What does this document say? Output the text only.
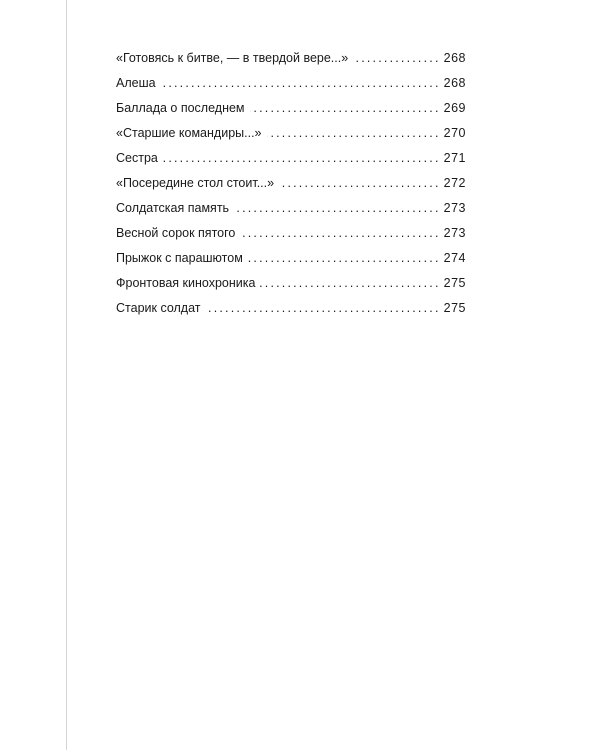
«Готовясь к битве, — в твердой вере...» .....	268
Алеша .....	268
Баллада о последнем .....	269
«Старшие командиры...» .....	270
Сестра .....	271
«Посередине стол стоит...» .....	272
Солдатская память .....	273
Весной сорок пятого .....	273
Прыжок с парашютом .....	274
Фронтовая кинохроника .....	275
Старик солдат .....	275
